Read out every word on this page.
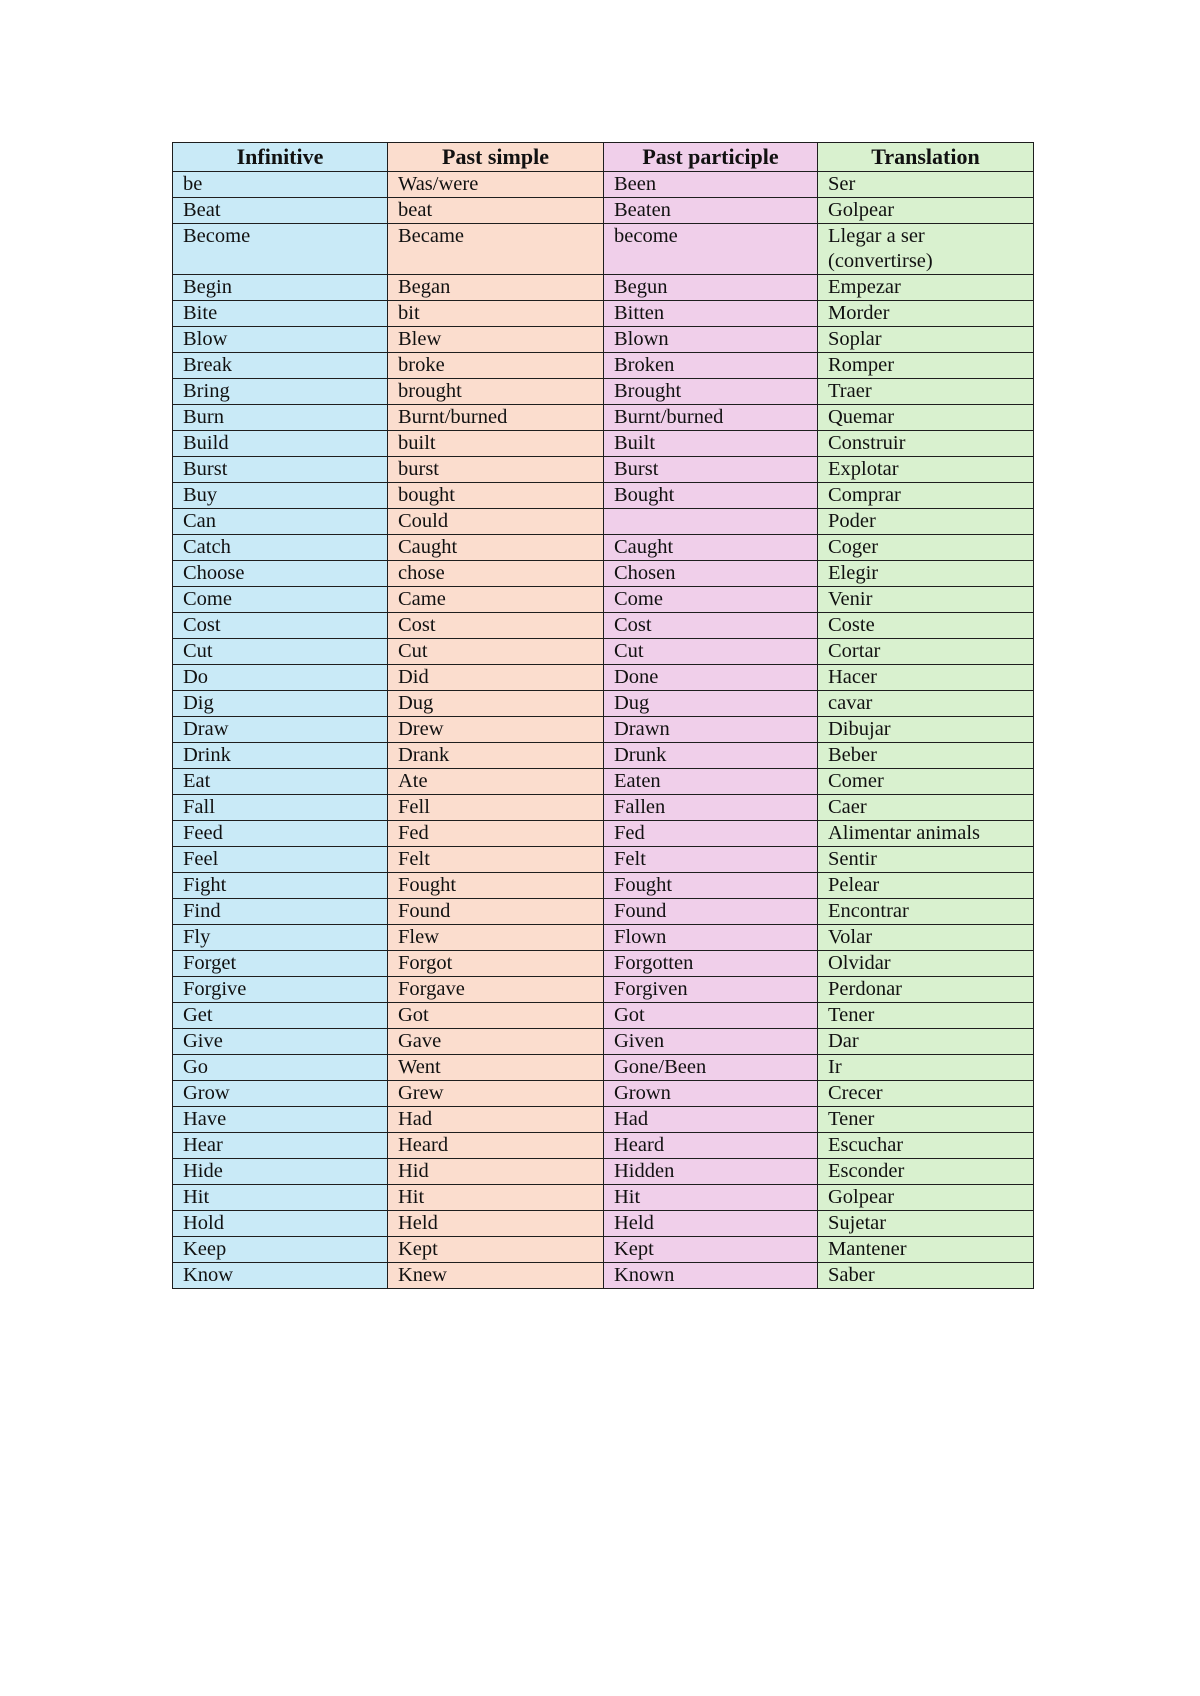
Infinitive	Past simple	Past participle	Translation
be	Was/were	Been	Ser
Beat	beat	Beaten	Golpear
Become	Became	become	Llegar a ser (convertirse)
Begin	Began	Begun	Empezar
Bite	bit	Bitten	Morder
Blow	Blew	Blown	Soplar
Break	broke	Broken	Romper
Bring	brought	Brought	Traer
Burn	Burnt/burned	Burnt/burned	Quemar
Build	built	Built	Construir
Burst	burst	Burst	Explotar
Buy	bought	Bought	Comprar
Can	Could		Poder
Catch	Caught	Caught	Coger
Choose	chose	Chosen	Elegir
Come	Came	Come	Venir
Cost	Cost	Cost	Coste
Cut	Cut	Cut	Cortar
Do	Did	Done	Hacer
Dig	Dug	Dug	cavar
Draw	Drew	Drawn	Dibujar
Drink	Drank	Drunk	Beber
Eat	Ate	Eaten	Comer
Fall	Fell	Fallen	Caer
Feed	Fed	Fed	Alimentar animals
Feel	Felt	Felt	Sentir
Fight	Fought	Fought	Pelear
Find	Found	Found	Encontrar
Fly	Flew	Flown	Volar
Forget	Forgot	Forgotten	Olvidar
Forgive	Forgave	Forgiven	Perdonar
Get	Got	Got	Tener
Give	Gave	Given	Dar
Go	Went	Gone/Been	Ir
Grow	Grew	Grown	Crecer
Have	Had	Had	Tener
Hear	Heard	Heard	Escuchar
Hide	Hid	Hidden	Esconder
Hit	Hit	Hit	Golpear
Hold	Held	Held	Sujetar
Keep	Kept	Kept	Mantener
Know	Knew	Known	Saber
